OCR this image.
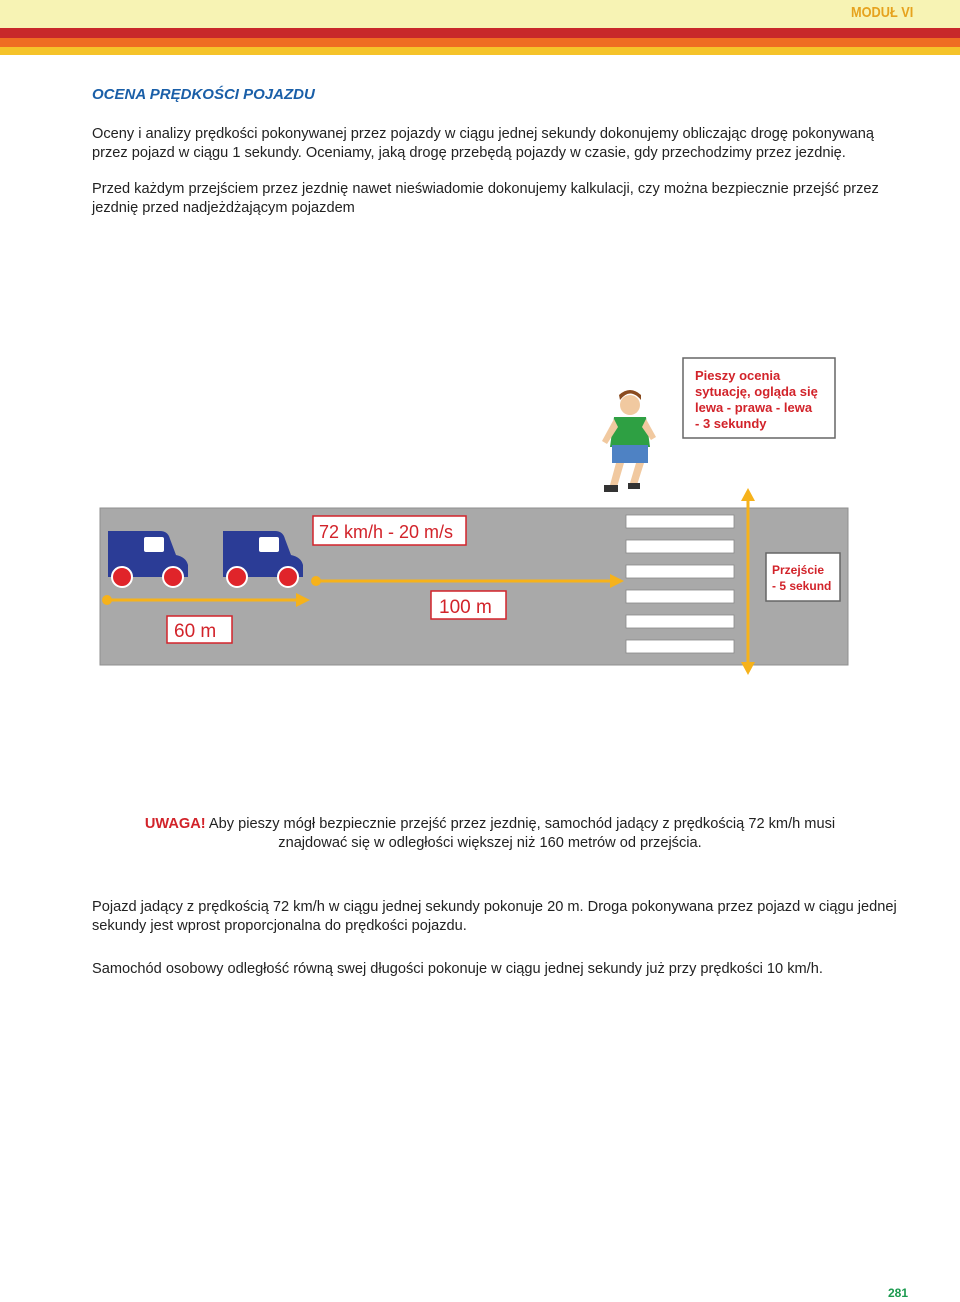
MODUŁ VI
OCENA PRĘDKOŚCI POJAZDU

Oceny i analizy prędkości pokonywanej przez pojazdy w ciągu jednej sekundy dokonujemy obliczając drogę pokonywaną przez pojazd w ciągu 1 sekundy. Oceniamy, jaką drogę przebędą pojazdy w czasie, gdy przechodzimy przez jezdnię.

Przed każdym przejściem przez jezdnię nawet nieświadomie dokonujemy kalkulacji, czy można bezpiecznie przejść przez jezdnię przed nadjeżdżającym pojazdem

Pieszy ocenia
sytuację, ogląda się
lewa - prawa - lewa
- 3 sekundy
Przejście
- 5 sekund
72 km/h - 20 m/s
100 m
60 m

UWAGA! Aby pieszy mógł bezpiecznie przejść przez jezdnię, samochód jadący z prędkością 72 km/h musi znajdować się w odległości większej niż 160 metrów od przejścia.

Pojazd jadący z prędkością 72 km/h w ciągu jednej sekundy pokonuje 20 m. Droga pokonywana przez pojazd w ciągu jednej sekundy jest wprost proporcjonalna do prędkości pojazdu.

Samochód osobowy odległość równą swej długości pokonuje w ciągu jednej sekundy już przy prędkości 10 km/h.

281
